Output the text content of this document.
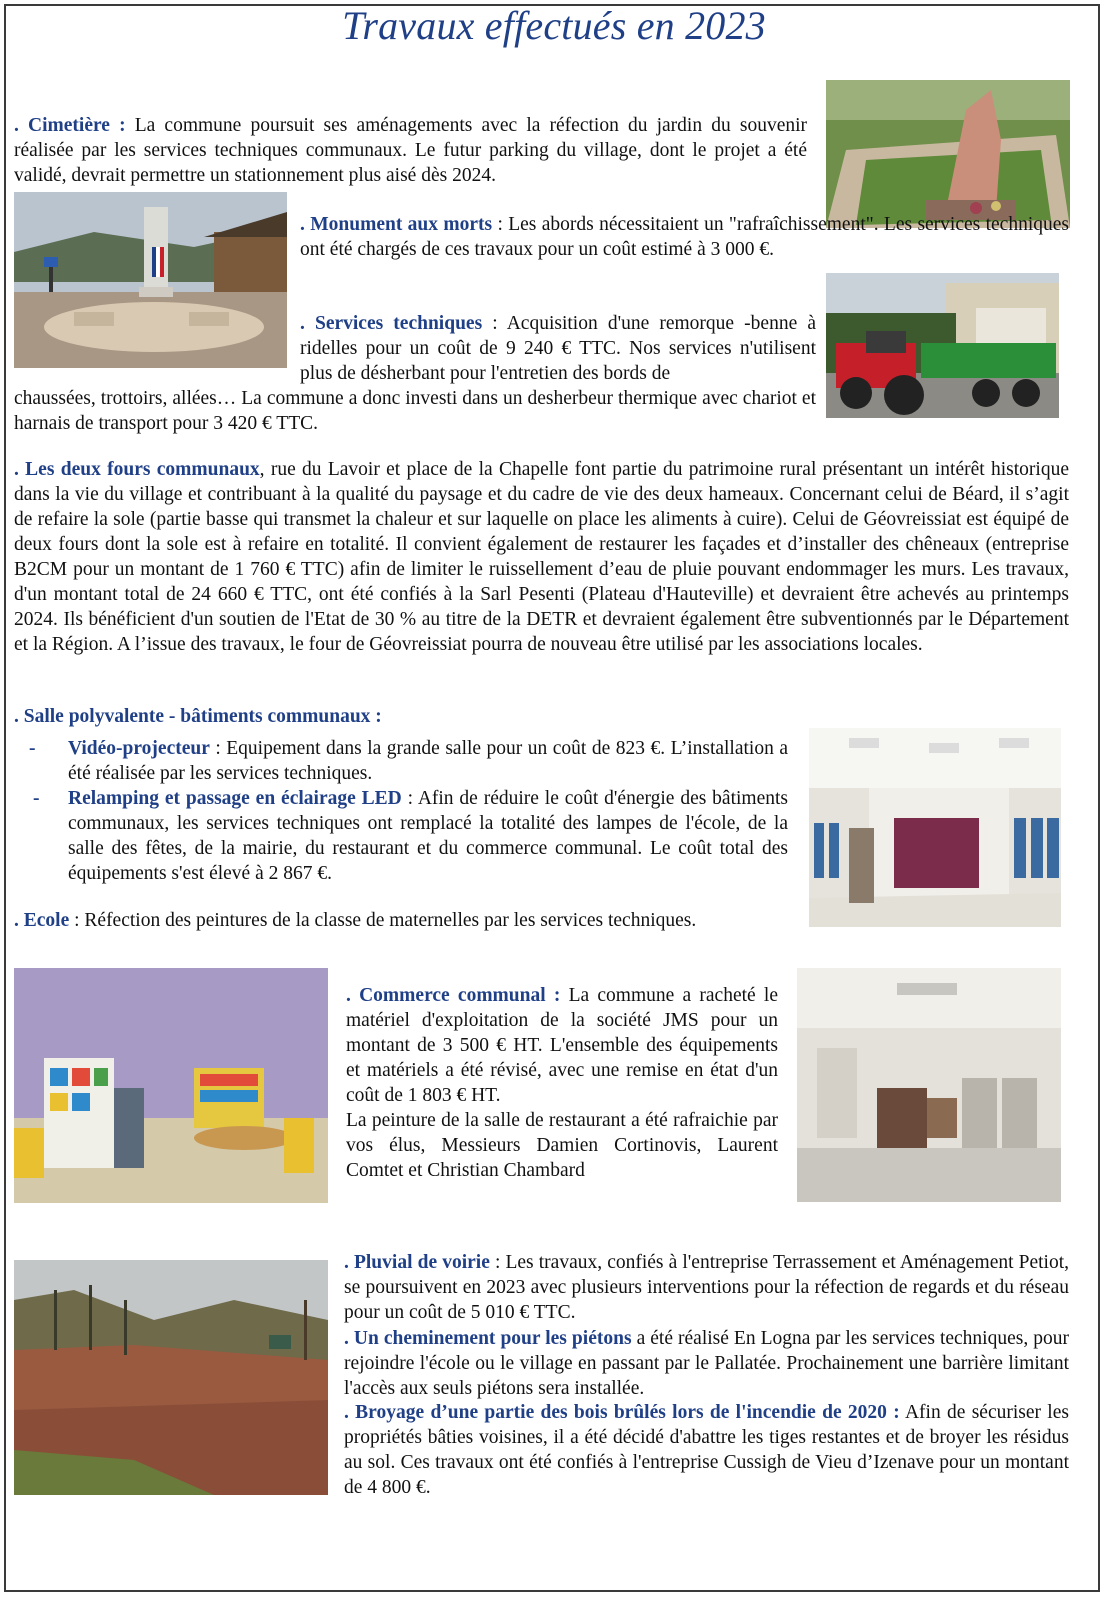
Travaux effectués en 2023

. Cimetière : La commune poursuit ses aménagements avec la réfection du jardin du souvenir réalisée par les services techniques communaux. Le futur parking du village, dont le projet a été validé, devrait permettre un stationnement plus aisé dès 2024.

. Monument aux morts : Les abords nécessitaient un "rafraîchissement". Les services techniques ont été chargés de ces travaux pour un coût estimé à 3 000 €.

. Services techniques : Acquisition d'une remorque -benne à ridelles pour un coût de 9 240 € TTC. Nos services n'utilisent plus de désherbant pour l'entretien des bords de

chaussées, trottoirs, allées… La commune a donc investi dans un desherbeur thermique avec chariot et harnais de transport pour 3 420 € TTC.

. Les deux fours communaux, rue du Lavoir et place de la Chapelle font partie du patrimoine rural présentant un intérêt historique dans la vie du village et contribuant à la qualité du paysage et du cadre de vie des deux hameaux. Concernant celui de Béard, il s’agit de refaire la sole (partie basse qui transmet la chaleur et sur laquelle on place les aliments à cuire). Celui de Géovreissiat est équipé de deux fours dont la sole est à refaire en totalité. Il convient également de restaurer les façades et d’installer des chêneaux (entreprise B2CM pour un montant de 1 760 € TTC) afin de limiter le ruissellement d’eau de pluie pouvant endommager les murs. Les travaux, d'un montant total de 24 660 € TTC, ont été confiés à la Sarl Pesenti (Plateau d'Hauteville) et devraient être achevés au printemps 2024. Ils bénéficient d'un soutien de l'Etat de 30 % au titre de la DETR et devraient également être subventionnés par le Département et la Région. A l’issue des travaux, le four de Géovreissiat pourra de nouveau être utilisé par les associations locales.

. Salle polyvalente - bâtiments communaux :

- Vidéo-projecteur : Equipement dans la grande salle pour un coût de 823 €. L’installation a été réalisée par les services techniques.

- Relamping et passage en éclairage LED : Afin de réduire le coût d'énergie des bâtiments communaux, les services techniques ont remplacé la totalité des lampes de l'école, de la salle des fêtes, de la mairie, du restaurant et du commerce communal. Le coût total des équipements s'est élevé à 2 867 €.

. Ecole : Réfection des peintures de la classe de maternelles par les services techniques.

. Commerce communal : La commune a racheté le matériel d'exploitation de la société JMS pour un montant de 3 500 € HT. L'ensemble des équipements et matériels a été révisé, avec une remise en état d'un coût de 1 803 € HT.

La peinture de la salle de restaurant a été rafraichie par vos élus, Messieurs Damien Cortinovis, Laurent Comtet et Christian Chambard

. Pluvial de voirie : Les travaux, confiés à l'entreprise Terrassement et Aménagement Petiot, se poursuivent en 2023 avec plusieurs interventions pour la réfection de regards et du réseau pour un coût de 5 010 € TTC.

. Un cheminement pour les piétons a été réalisé En Logna par les services techniques, pour rejoindre l'école ou le village en passant par le Pallatée. Prochainement une barrière limitant l'accès aux seuls piétons sera installée.

. Broyage d’une partie des bois brûlés lors de l'incendie de 2020 : Afin de sécuriser les propriétés bâties voisines, il a été décidé d'abattre les tiges restantes et de broyer les résidus au sol. Ces travaux ont été confiés à l'entreprise Cussigh de Vieu d’Izenave pour un montant de 4 800 €.
